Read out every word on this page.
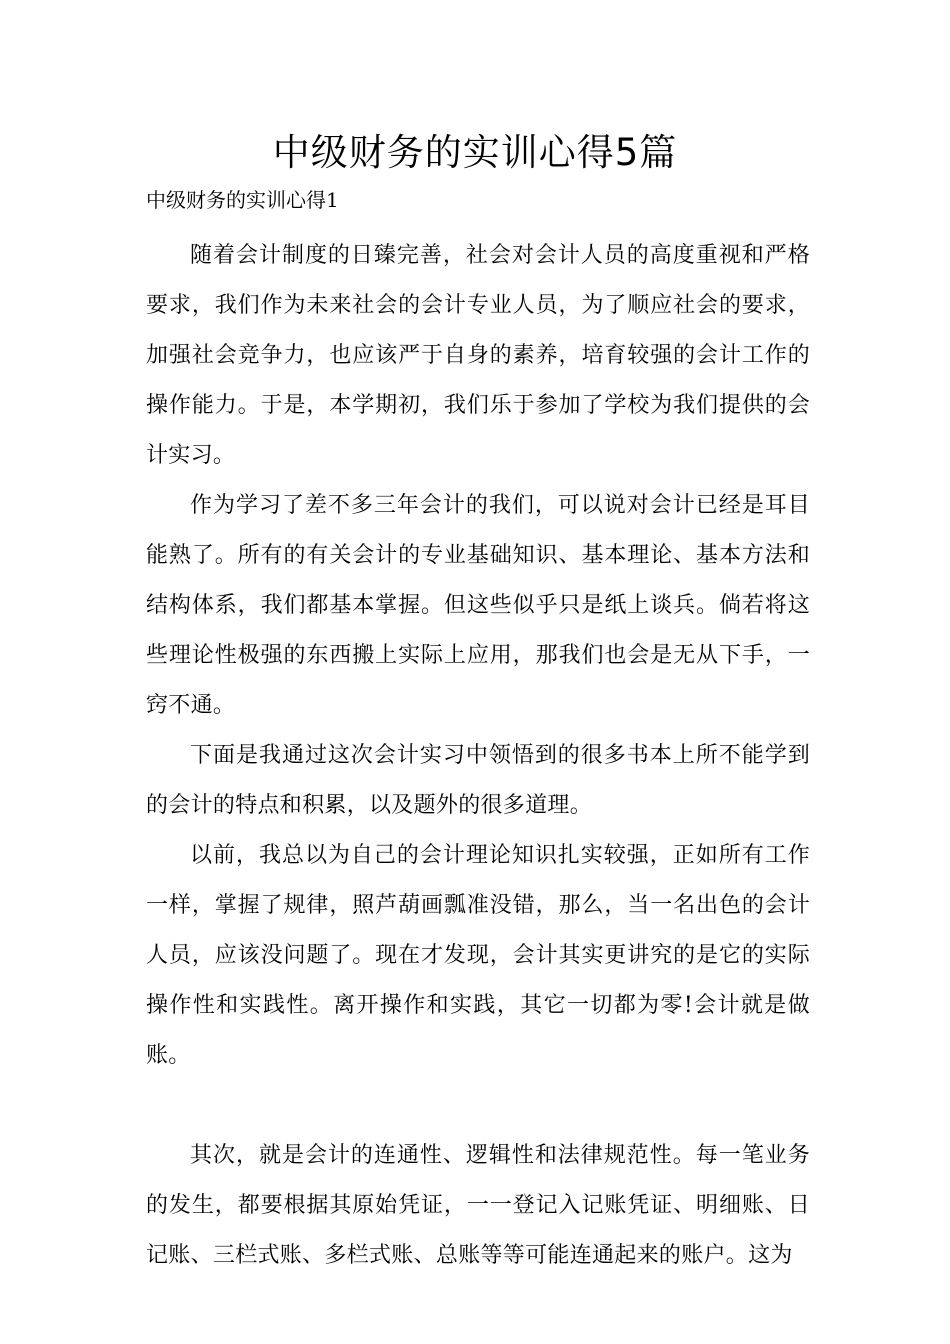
中级财务的实训心得5篇
中级财务的实训心得1

随着会计制度的日臻完善，社会对会计人员的高度重视和严格要求，我们作为未来社会的会计专业人员，为了顺应社会的要求，加强社会竞争力，也应该严于自身的素养，培育较强的会计工作的操作能力。于是，本学期初，我们乐于参加了学校为我们提供的会计实习。

作为学习了差不多三年会计的我们，可以说对会计已经是耳目能熟了。所有的有关会计的专业基础知识、基本理论、基本方法和结构体系，我们都基本掌握。但这些似乎只是纸上谈兵。倘若将这些理论性极强的东西搬上实际上应用，那我们也会是无从下手，一窍不通。

下面是我通过这次会计实习中领悟到的很多书本上所不能学到的会计的特点和积累，以及题外的很多道理。

以前，我总以为自己的会计理论知识扎实较强，正如所有工作一样，掌握了规律，照芦葫画瓢准没错，那么，当一名出色的会计人员，应该没问题了。现在才发现，会计其实更讲究的是它的实际操作性和实践性。离开操作和实践，其它一切都为零!会计就是做账。

其次，就是会计的连通性、逻辑性和法律规范性。每一笔业务的发生，都要根据其原始凭证，一一登记入记账凭证、明细账、日记账、三栏式账、多栏式账、总账等等可能连通起来的账户。这为
